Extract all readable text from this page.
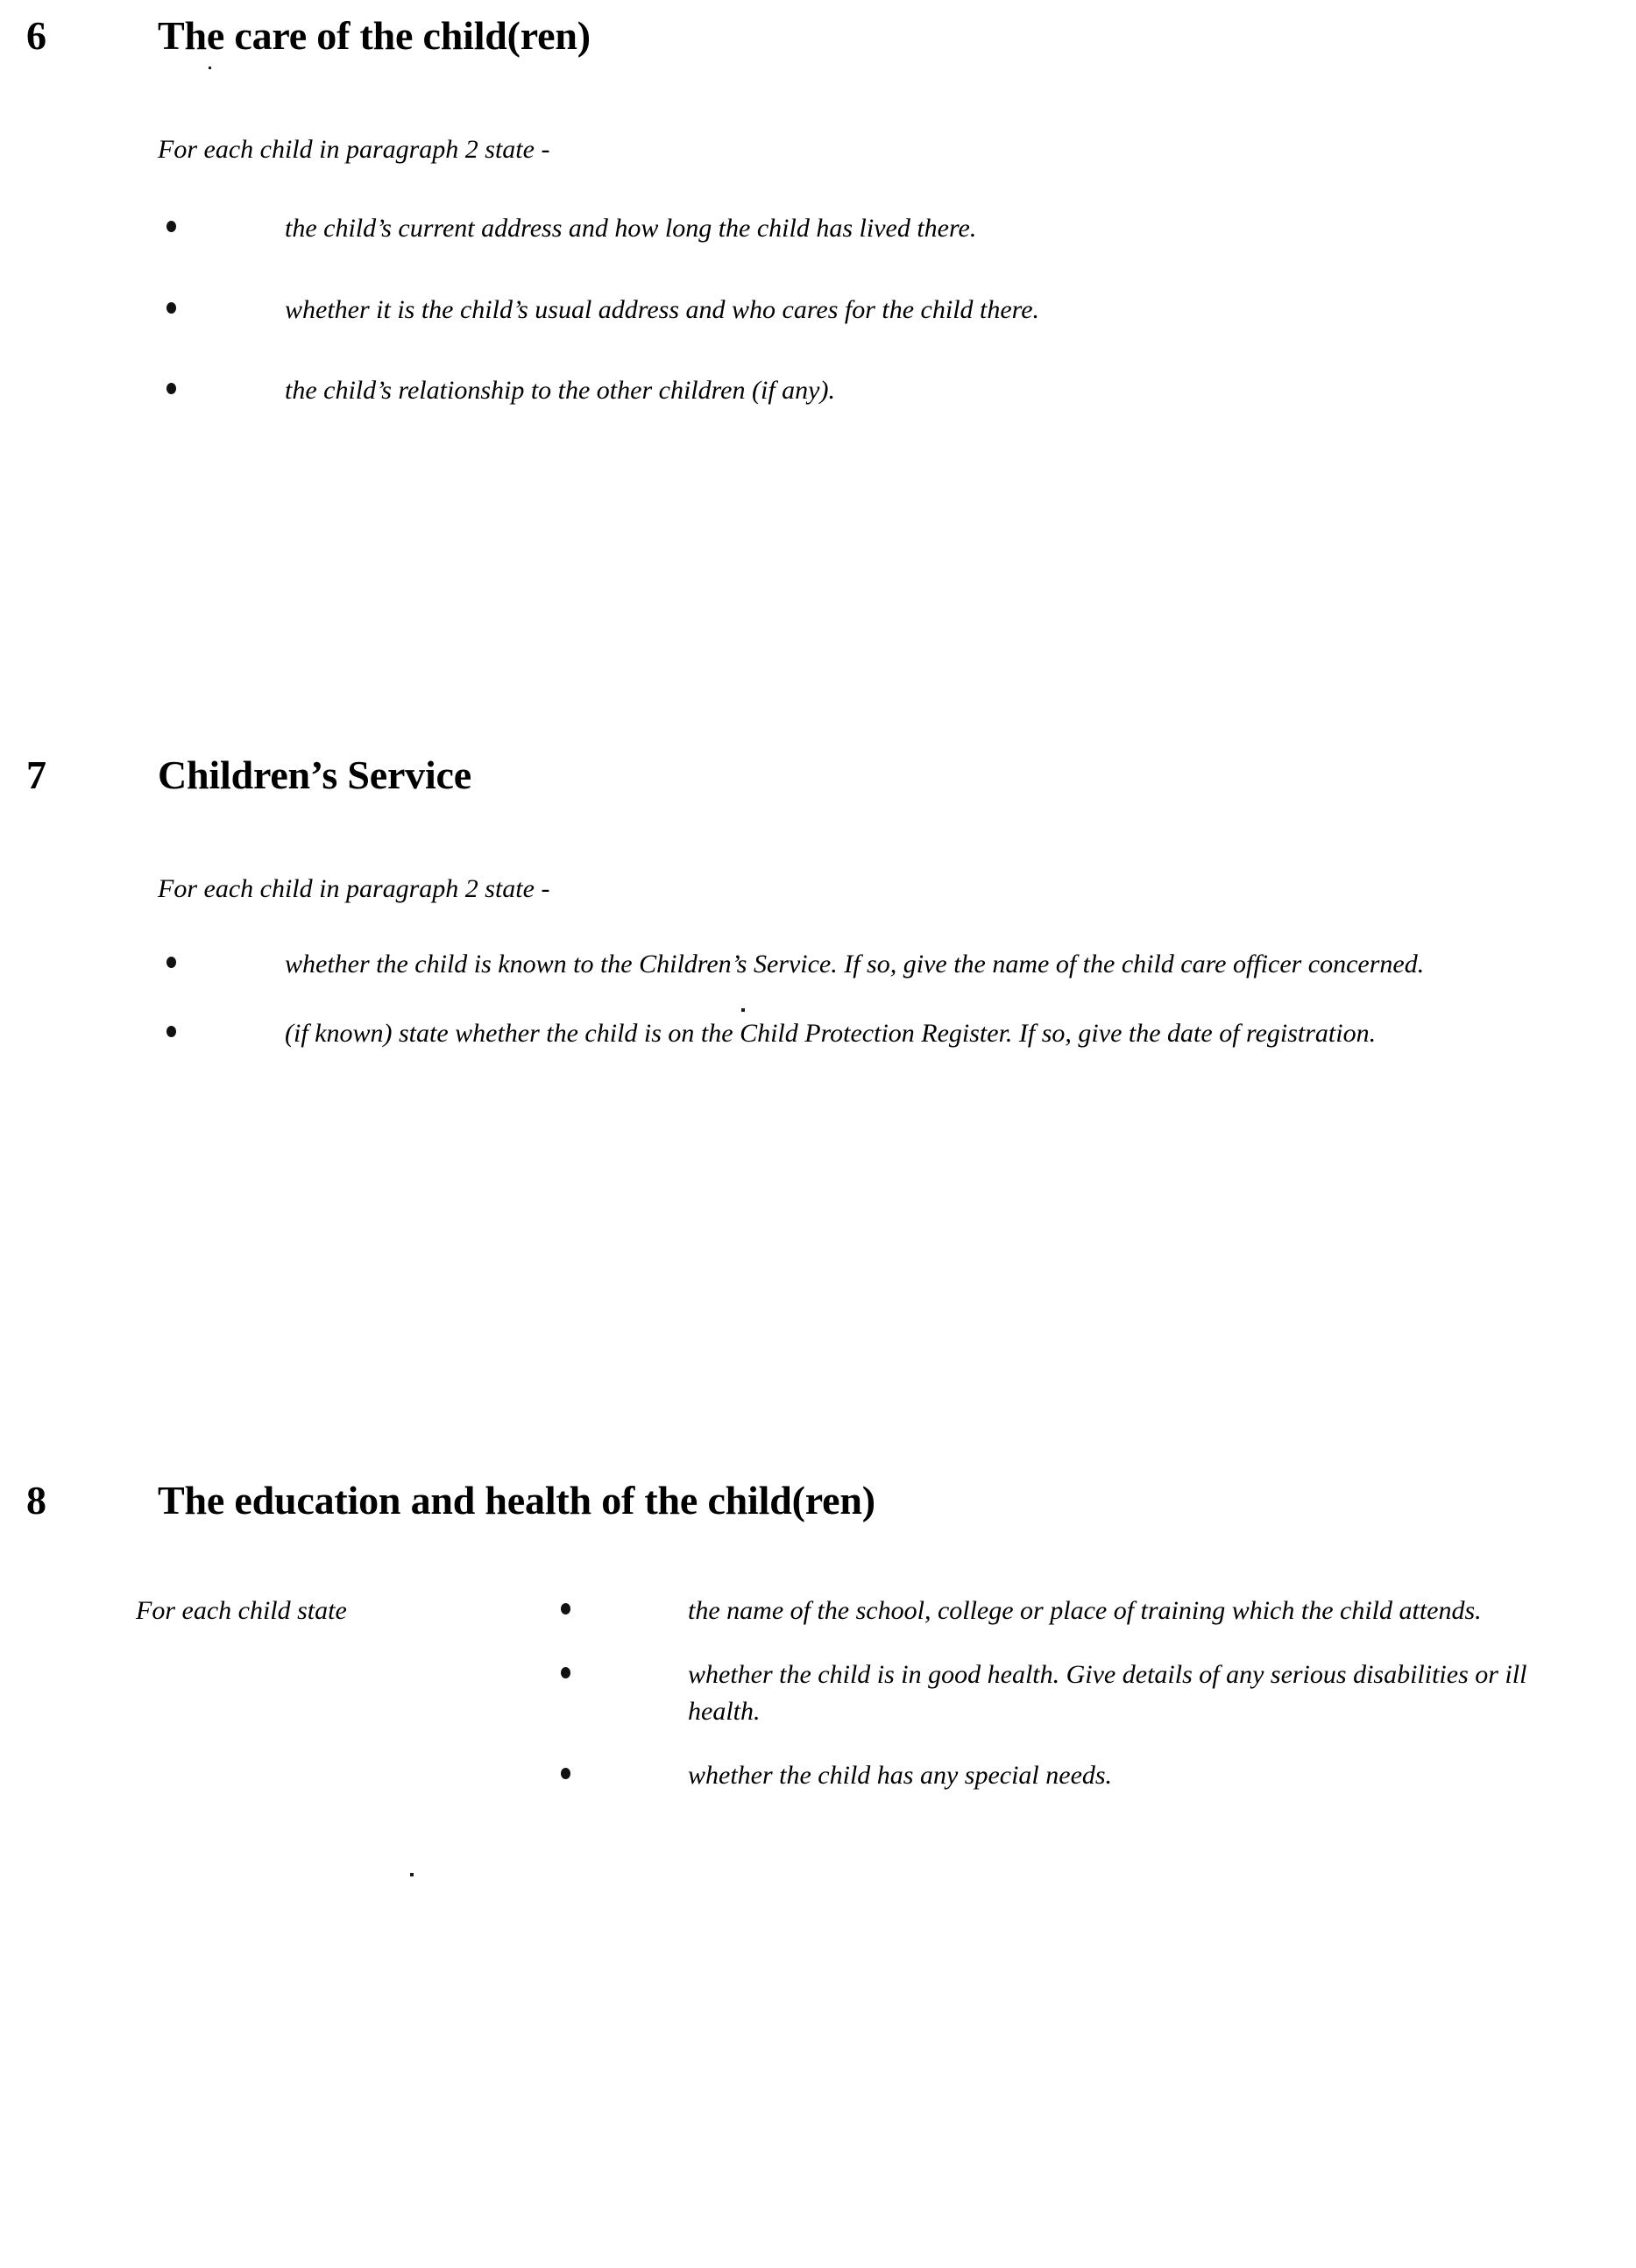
6	The care of the child(ren)
For each child in paragraph 2 state -
the child’s current address and how long the child has lived there.
whether it is the child’s usual address and who cares for the child there.
the child’s relationship to the other children (if any).
7	Children’s Service
For each child in paragraph 2 state -
whether the child is known to the Children’s Service. If so, give the name of the child care officer concerned.
(if known) state whether the child is on the Child Protection Register. If so, give the date of registration.
8	The education and health of the child(ren)
For each child state	the name of the school, college or place of training which the child attends.
whether the child is in good health. Give details of any serious disabilities or ill health.
whether the child has any special needs.
